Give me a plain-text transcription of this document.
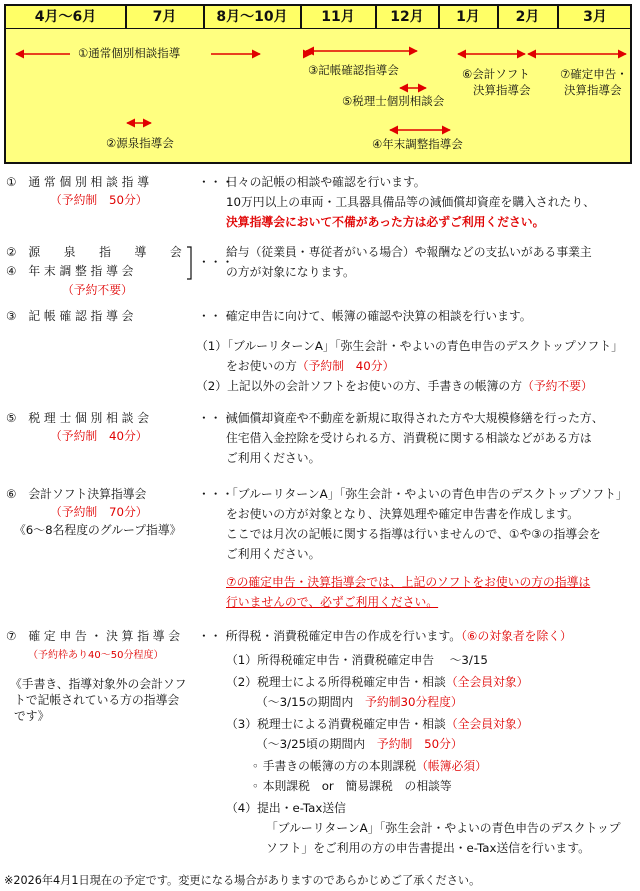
4月〜6月	7月	8月〜10月	11月	12月	1月	2月	3月
①通常個別相談指導
③記帳確認指導会
⑤税理士個別相談会
②源泉指導会	④年末調整指導会
⑥会計ソフト
決算指導会
⑦確定申告・
決算指導会
①　通 常 個 別 相 談 指 導
（予約制　50分）
・・・
日々の記帳の相談や確認を行います。
10万円以上の車両・工具器具備品等の減価償却資産を購入されたり、
決算指導会において不備があった方は必ずご利用ください。
②　源　　泉　　指　　導　　会
④　年 末 調 整 指 導 会
（予約不要）
・・・
給与（従業員・専従者がいる場合）や報酬などの支払いがある事業主
の方が対象になります。
③　記 帳 確 認 指 導 会	・・・
確定申告に向けて、帳簿の確認や決算の相談を行います。
（1）「ブルーリターンA」「弥生会計・やよいの青色申告のデスクトップソフト」
をお使いの方（予約制　40分）
（2）上記以外の会計ソフトをお使いの方、手書きの帳簿の方（予約不要）
⑤　税 理 士 個 別 相 談 会
（予約制　40分）
・・・
減価償却資産や不動産を新規に取得された方や大規模修繕を行った方、
住宅借入金控除を受けられる方、消費税に関する相談などがある方は
ご利用ください。
⑥　会計ソフト決算指導会
（予約制　70分）
《6〜8名程度のグループ指導》
・・・
「ブルーリターンA」「弥生会計・やよいの青色申告のデスクトップソフト」
をお使いの方が対象となり、決算処理や確定申告書を作成します。
ここでは月次の記帳に関する指導は行いませんので、①や③の指導会を
ご利用ください。
⑦の確定申告・決算指導会では、上記のソフトをお使いの方の指導は
行いませんので、必ずご利用ください。
⑦　確 定 申 告 ・ 決 算 指 導 会
（予約枠あり40〜50分程度）
《手書き、指導対象外の会計ソフ
トで記帳されている方の指導会
です》
・・・
所得税・消費税確定申告の作成を行います。（⑥の対象者を除く）
（1）所得税確定申告・消費税確定申告　 〜3/15
（2）税理士による所得税確定申告・相談（全会員対象）
（〜3/15の期間内　 予約制30分程度）
（3）税理士による消費税確定申告・相談（全会員対象）
（〜3/25頃の期間内　 予約制　50分）
◦ 手書きの帳簿の方の本則課税（帳簿必須）
◦ 本則課税　or　簡易課税　の相談等
（4）提出・e-Tax送信
「ブルーリターンA」「弥生会計・やよいの青色申告のデスクトップ
ソフト」をご利用の方の申告書提出・e-Tax送信を行います。
※2026年4月1日現在の予定です。変更になる場合がありますのであらかじめご了承ください。
